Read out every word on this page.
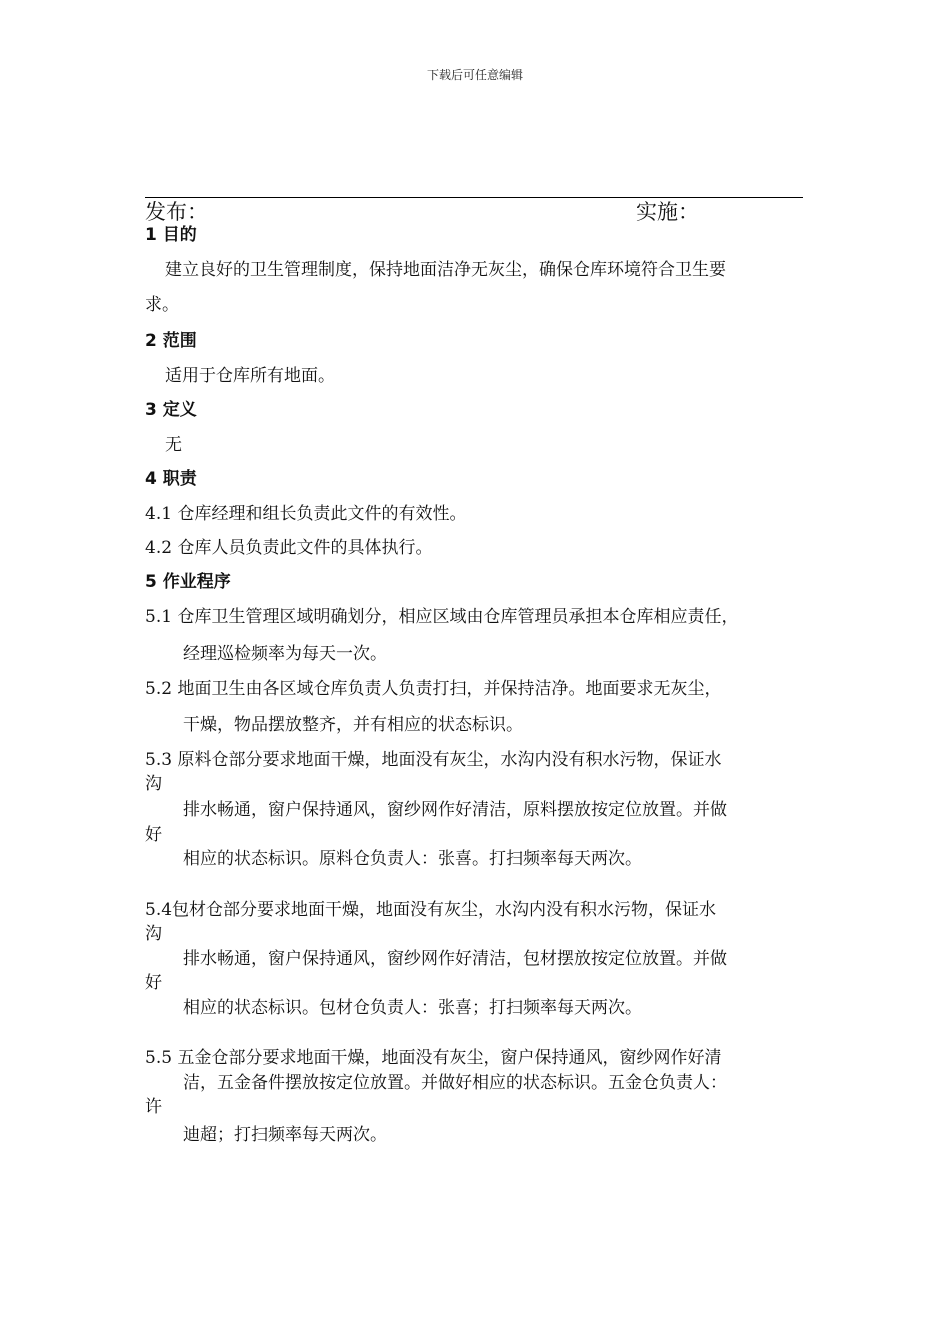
下载后可任意编辑
发布：	实施：
1 目的
建立良好的卫生管理制度，保持地面洁净无灰尘，确保仓库环境符合卫生要
求。
2 范围
适用于仓库所有地面。
3 定义
无
4 职责
4.1 仓库经理和组长负责此文件的有效性。
4.2 仓库人员负责此文件的具体执行。
5 作业程序
5.1 仓库卫生管理区域明确划分，相应区域由仓库管理员承担本仓库相应责任，
经理巡检频率为每天一次。
5.2 地面卫生由各区域仓库负责人负责打扫，并保持洁净。地面要求无灰尘，
干燥，物品摆放整齐，并有相应的状态标识。
5.3 原料仓部分要求地面干燥，地面没有灰尘，水沟内没有积水污物，保证水
沟
排水畅通，窗户保持通风，窗纱网作好清洁，原料摆放按定位放置。并做
好
相应的状态标识。原料仓负责人：张喜。打扫频率每天两次。
5.4包材仓部分要求地面干燥，地面没有灰尘，水沟内没有积水污物，保证水
沟
排水畅通，窗户保持通风，窗纱网作好清洁，包材摆放按定位放置。并做
好
相应的状态标识。包材仓负责人：张喜；打扫频率每天两次。
5.5 五金仓部分要求地面干燥，地面没有灰尘，窗户保持通风，窗纱网作好清
洁，五金备件摆放按定位放置。并做好相应的状态标识。五金仓负责人：
许
迪超；打扫频率每天两次。
